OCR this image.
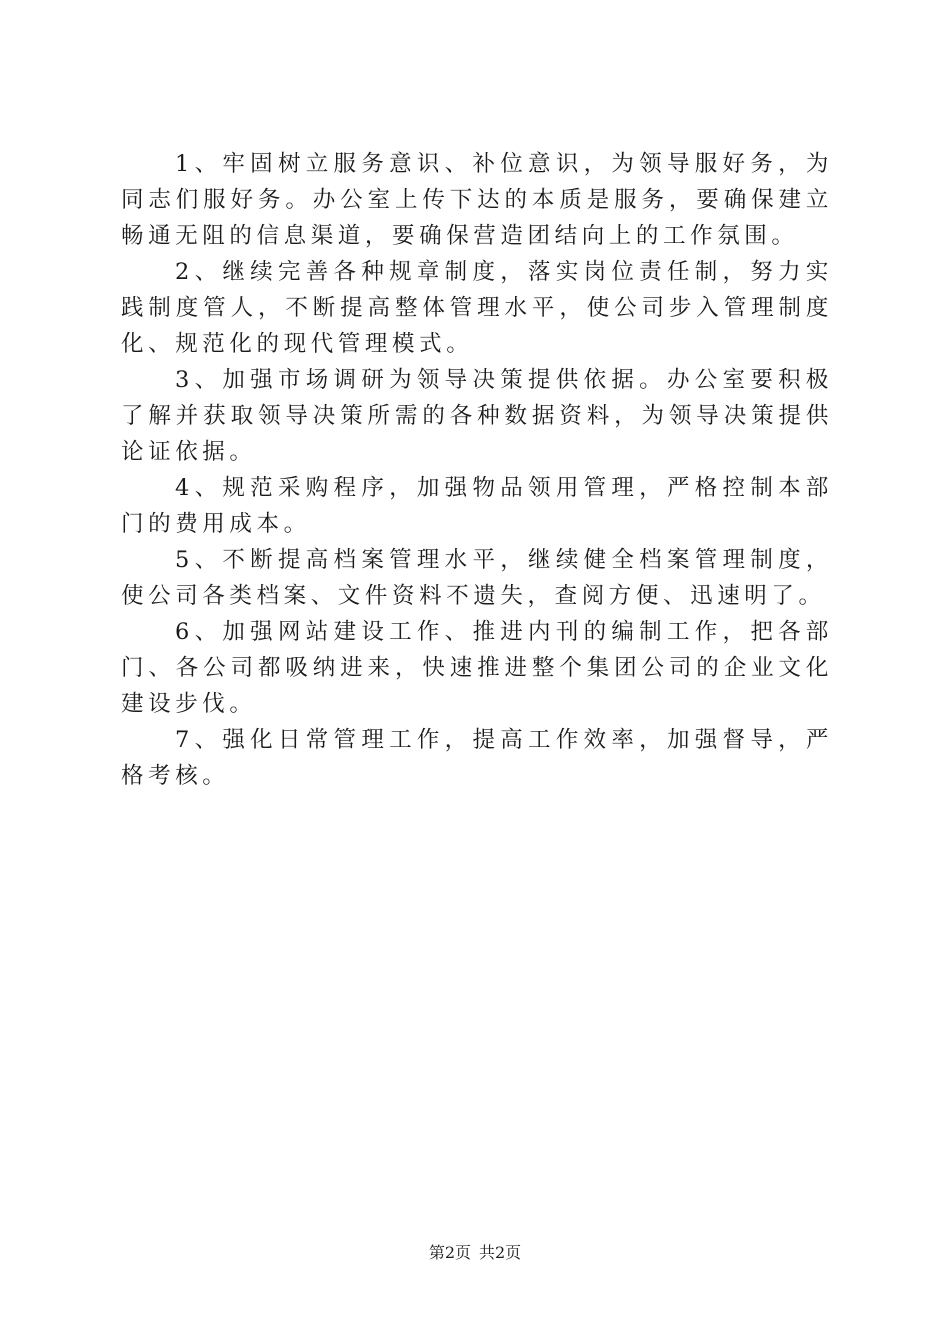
1、牢固树立服务意识、补位意识，为领导服好务，为同志们服好务。办公室上传下达的本质是服务，要确保建立畅通无阻的信息渠道，要确保营造团结向上的工作氛围。

2、继续完善各种规章制度，落实岗位责任制，努力实践制度管人，不断提高整体管理水平，使公司步入管理制度化、规范化的现代管理模式。

3、加强市场调研为领导决策提供依据。办公室要积极了解并获取领导决策所需的各种数据资料，为领导决策提供论证依据。

4、规范采购程序，加强物品领用管理，严格控制本部门的费用成本。

5、不断提高档案管理水平，继续健全档案管理制度，使公司各类档案、文件资料不遗失，查阅方便、迅速明了。

6、加强网站建设工作、推进内刊的编制工作，把各部门、各公司都吸纳进来，快速推进整个集团公司的企业文化建设步伐。

7、强化日常管理工作，提高工作效率，加强督导，严格考核。

第2页 共2页
